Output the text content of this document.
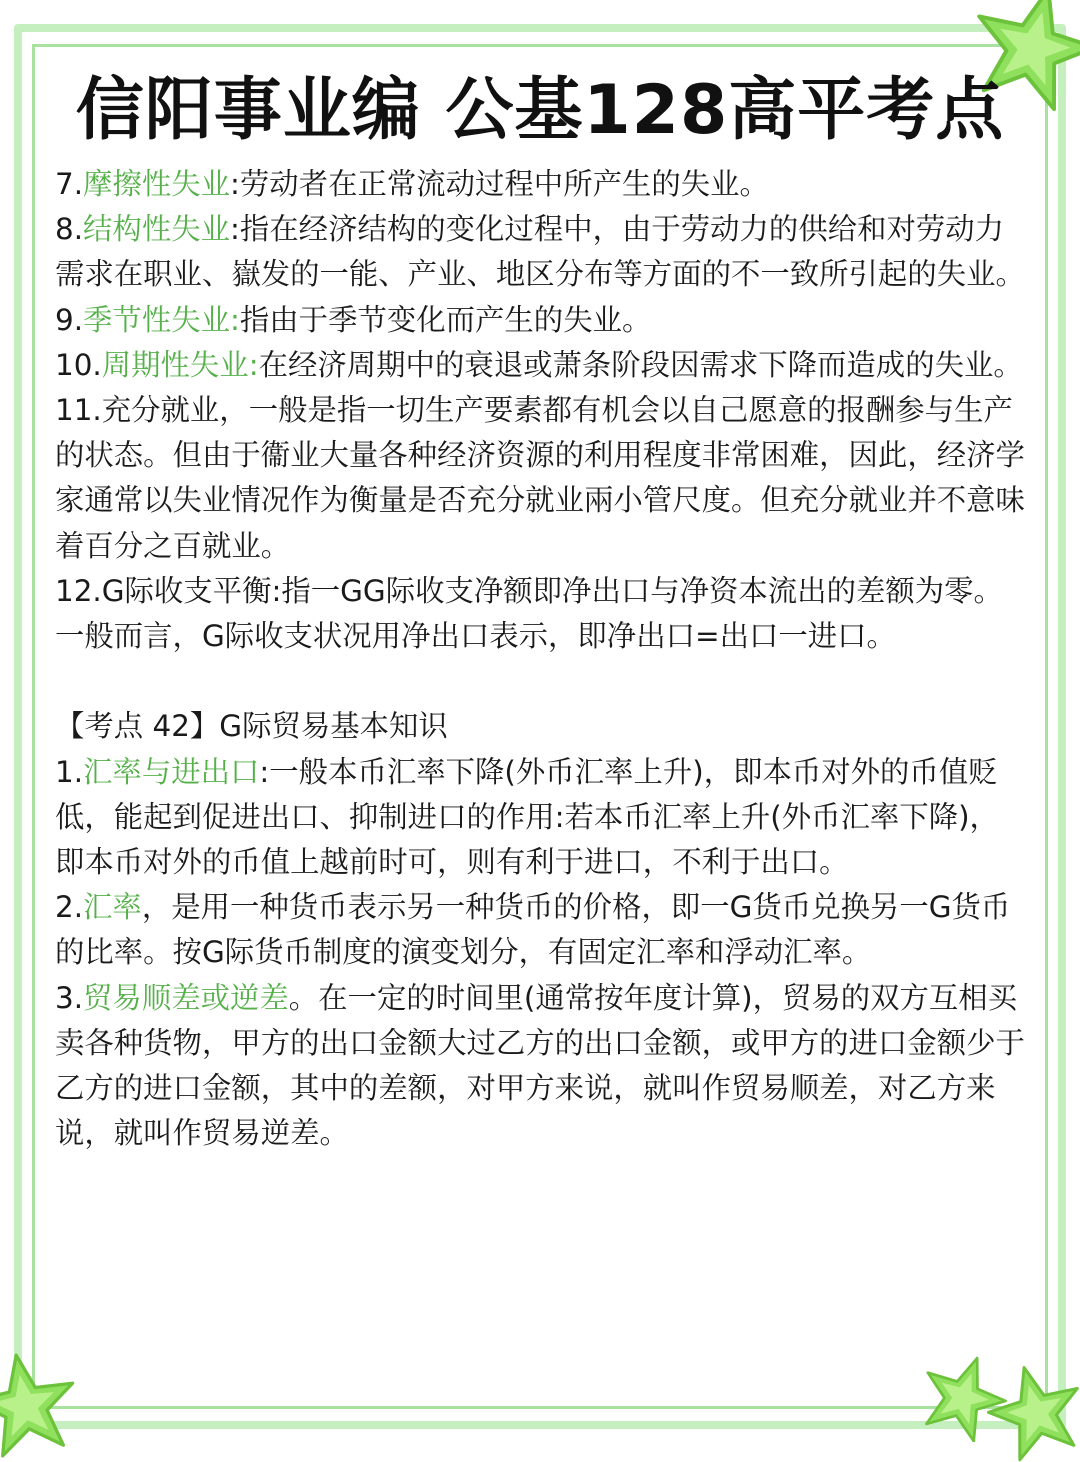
信阳事业编 公基128高平考点

7.摩擦性失业:劳动者在正常流动过程中所产生的失业。

8.结构性失业:指在经济结构的变化过程中，由于劳动力的供给和对劳动力需求在职业、嶽发的一能、产业、地区分布等方面的不一致所引起的失业。

9.季节性失业:指由于季节变化而产生的失业。

10.周期性失业:在经济周期中的衰退或萧条阶段因需求下降而造成的失业。

11.充分就业，一般是指一切生产要素都有机会以自己愿意的报酬参与生产的状态。但由于衞业大量各种经济资源的利用程度非常困难，因此，经济学家通常以失业情况作为衡量是否充分就业兩小管尺度。但充分就业并不意味着百分之百就业。

12.G际收支平衡:指一GG际收支净额即净出口与净资本流出的差额为零。一般而言，G际收支状况用净出口表示，即净出口=出口一进口。

【考点 42】G际贸易基本知识

1.汇率与进出口:一般本币汇率下降(外币汇率上升)，即本币对外的币值贬低，能起到促进出口、抑制进口的作用:若本币汇率上升(外币汇率下降)，即本币对外的币值上越前时可，则有利于进口，不利于出口。

2.汇率，是用一种货币表示另一种货币的价格，即一G货币兑换另一G货币的比率。按G际货币制度的演变划分，有固定汇率和浮动汇率。

3.贸易顺差或逆差。在一定的时间里(通常按年度计算)，贸易的双方互相买卖各种货物，甲方的出口金额大过乙方的出口金额，或甲方的进口金额少于乙方的进口金额，其中的差额，对甲方来说，就叫作贸易顺差，对乙方来说，就叫作贸易逆差。
